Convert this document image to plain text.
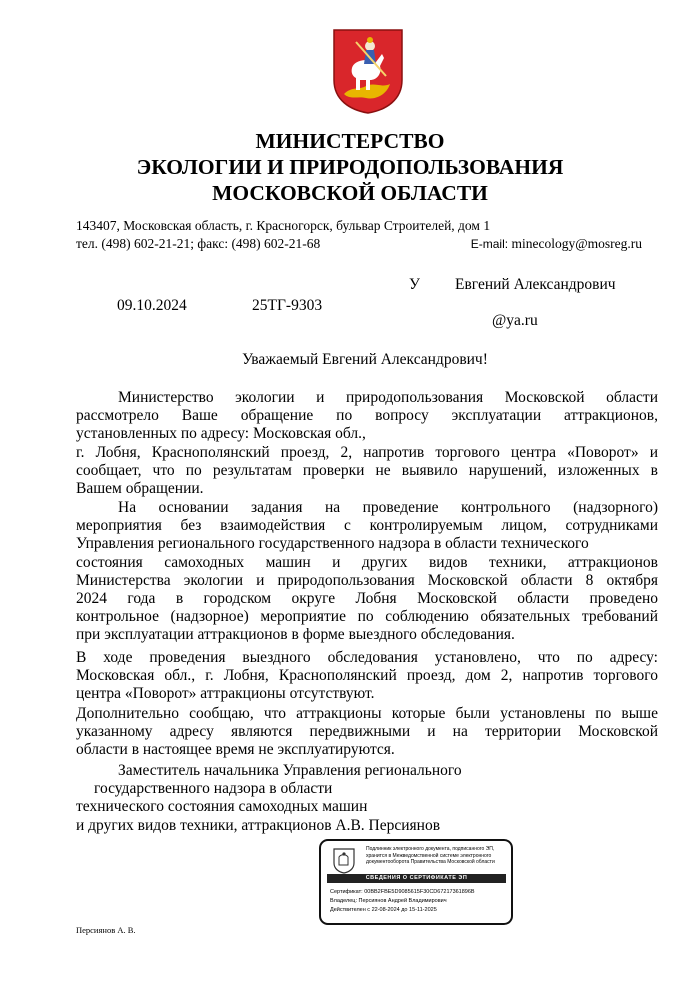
МИНИСТЕРСТВО
ЭКОЛОГИИ И ПРИРОДОПОЛЬЗОВАНИЯ
МОСКОВСКОЙ ОБЛАСТИ
143407, Московская область, г. Красногорск, бульвар Строителей, дом 1
тел. (498) 602-21-21; факс: (498) 602-21-68	E-mail: minecology@mosreg.ru
09.10.2024	25ТГ-9303
У Евгений Александрович
@ya.ru
Уважаемый Евгений Александрович!
Министерство экологии и природопользования Московской области
рассмотрело Ваше обращение по вопросу эксплуатации аттракционов,
установленных по адресу: Московская обл.,
г. Лобня, Краснополянский проезд, 2, напротив торгового центра «Поворот» и
сообщает, что по результатам проверки не выявило нарушений, изложенных в
Вашем обращении.
На основании задания на проведение контрольного (надзорного)
мероприятия без взаимодействия с контролируемым лицом, сотрудниками
Управления регионального государственного надзора в области технического
состояния самоходных машин и других видов техники, аттракционов
Министерства экологии и природопользования Московской области 8 октября
2024 года в городском округе Лобня Московской области проведено
контрольное (надзорное) мероприятие по соблюдению обязательных требований
при эксплуатации аттракционов в форме выездного обследования.
В ходе проведения выездного обследования установлено, что по адресу:
Московская обл., г. Лобня, Краснополянский проезд, дом 2, напротив торгового
центра «Поворот» аттракционы отсутствуют.
Дополнительно сообщаю, что аттракционы которые были установлены по выше
указанному адресу являются передвижными и на территории Московской
области в настоящее время не эксплуатируются.
Заместитель начальника Управления регионального
государственного надзора в области
технического состояния самоходных машин
и других видов техники, аттракционов А.В. Персиянов
Подлинник электронного документа, подписанного ЭП, хранится в Межведомственной системе электронного документооборота Правительства Московской области
СВЕДЕНИЯ О СЕРТИФИКАТЕ ЭП
Сертификат: 00BB2FBE5D9085615F30CD67217361896B
Владелец: Персиянов Андрей Владимирович
Действителен с 22-08-2024 до 15-11-2025
Персиянов А. В.
